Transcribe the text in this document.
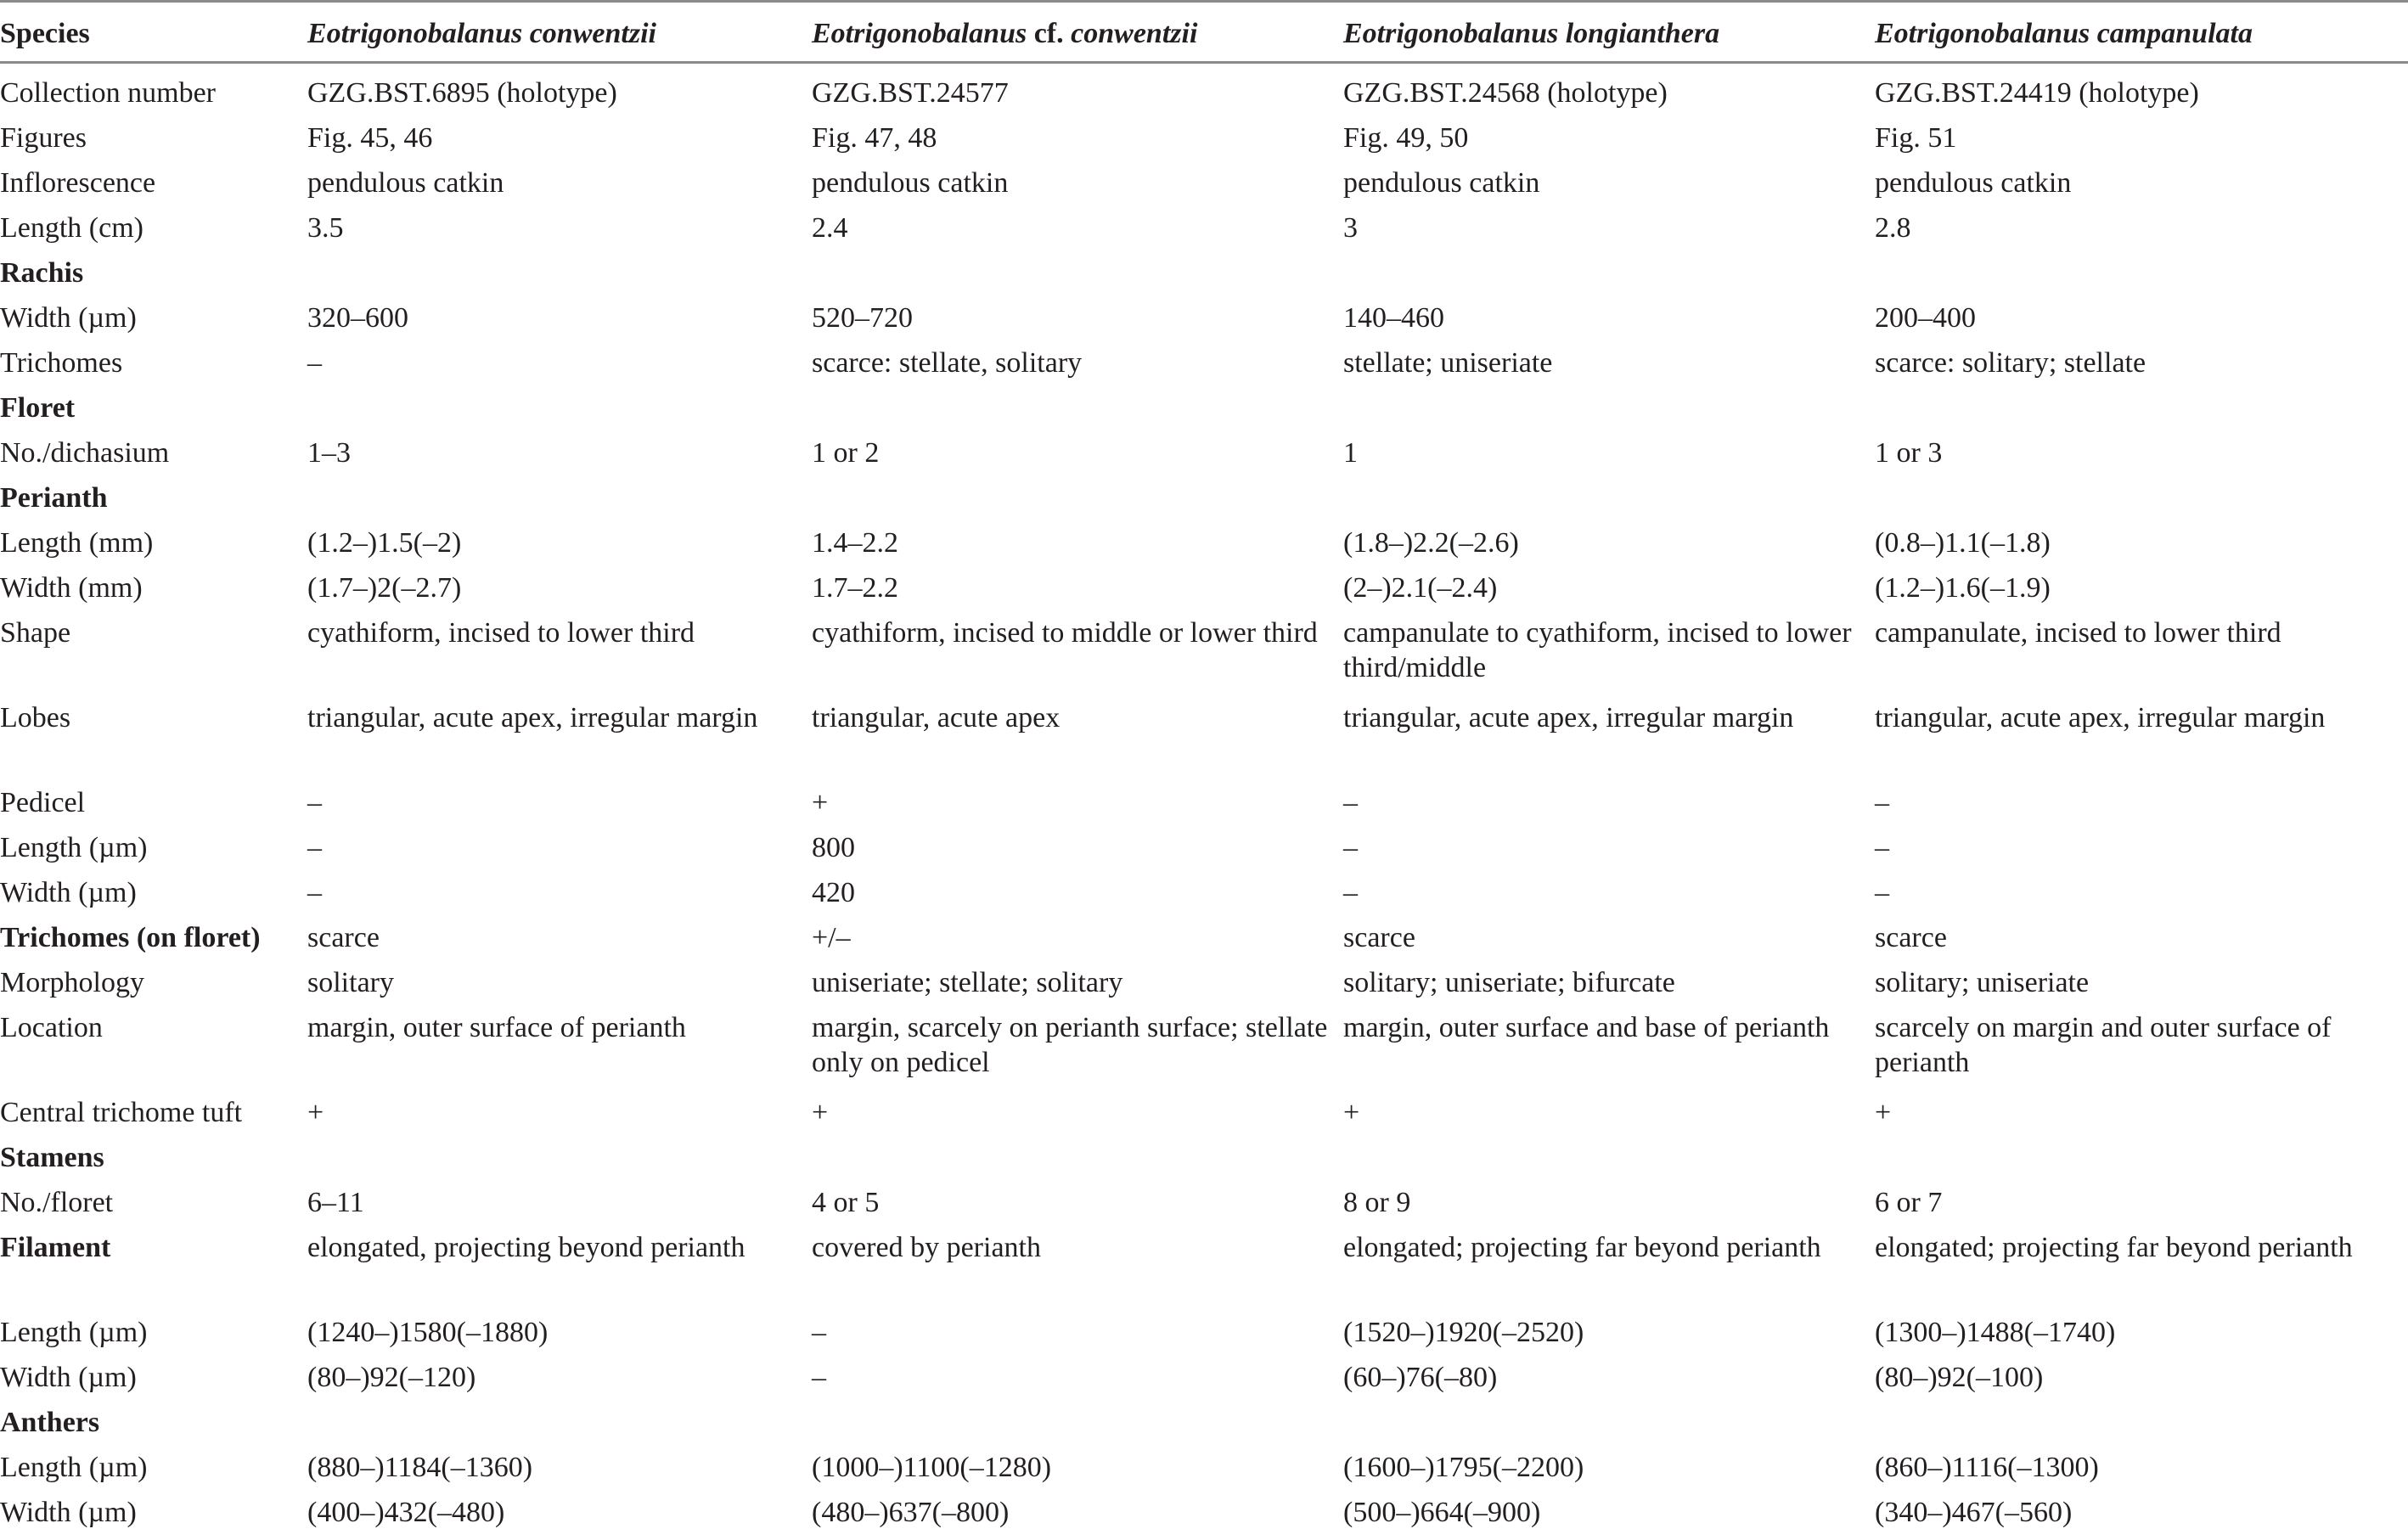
Species	Eotrigonobalanus conwentzii	Eotrigonobalanus cf. conwentzii	Eotrigonobalanus longianthera	Eotrigonobalanus campanulata
Collection number	GZG.BST.6895 (holotype)	GZG.BST.24577	GZG.BST.24568 (holotype)	GZG.BST.24419 (holotype)
Figures	Fig. 45, 46	Fig. 47, 48	Fig. 49, 50	Fig. 51
Inflorescence	pendulous catkin	pendulous catkin	pendulous catkin	pendulous catkin
Length (cm)	3.5	2.4	3	2.8
Rachis				
Width (µm)	320–600	520–720	140–460	200–400
Trichomes	–	scarce: stellate, solitary	stellate; uniseriate	scarce: solitary; stellate
Floret				
No./dichasium	1–3	1 or 2	1	1 or 3
Perianth				
Length (mm)	(1.2–)1.5(–2)	1.4–2.2	(1.8–)2.2(–2.6)	(0.8–)1.1(–1.8)
Width (mm)	(1.7–)2(–2.7)	1.7–2.2	(2–)2.1(–2.4)	(1.2–)1.6(–1.9)
Shape	cyathiform, incised to lower third	cyathiform, incised to middle or lower third	campanulate to cyathiform, incised to lower third/middle	campanulate, incised to lower third
Lobes	triangular, acute apex, irregular margin	triangular, acute apex	triangular, acute apex, irregular margin	triangular, acute apex, irregular margin
Pedicel	–	+	–	–
Length (µm)	–	800	–	–
Width (µm)	–	420	–	–
Trichomes (on floret)	scarce	+/–	scarce	scarce
Morphology	solitary	uniseriate; stellate; solitary	solitary; uniseriate; bifurcate	solitary; uniseriate
Location	margin, outer surface of perianth	margin, scarcely on perianth surface; stellate only on pedicel	margin, outer surface and base of perianth	scarcely on margin and outer surface of perianth
Central trichome tuft	+	+	+	+
Stamens				
No./floret	6–11	4 or 5	8 or 9	6 or 7
Filament	elongated, projecting beyond perianth	covered by perianth	elongated; projecting far beyond perianth	elongated; projecting far beyond perianth
Length (µm)	(1240–)1580(–1880)	–	(1520–)1920(–2520)	(1300–)1488(–1740)
Width (µm)	(80–)92(–120)	–	(60–)76(–80)	(80–)92(–100)
Anthers				
Length (µm)	(880–)1184(–1360)	(1000–)1100(–1280)	(1600–)1795(–2200)	(860–)1116(–1300)
Width (µm)	(400–)432(–480)	(480–)637(–800)	(500–)664(–900)	(340–)467(–560)
